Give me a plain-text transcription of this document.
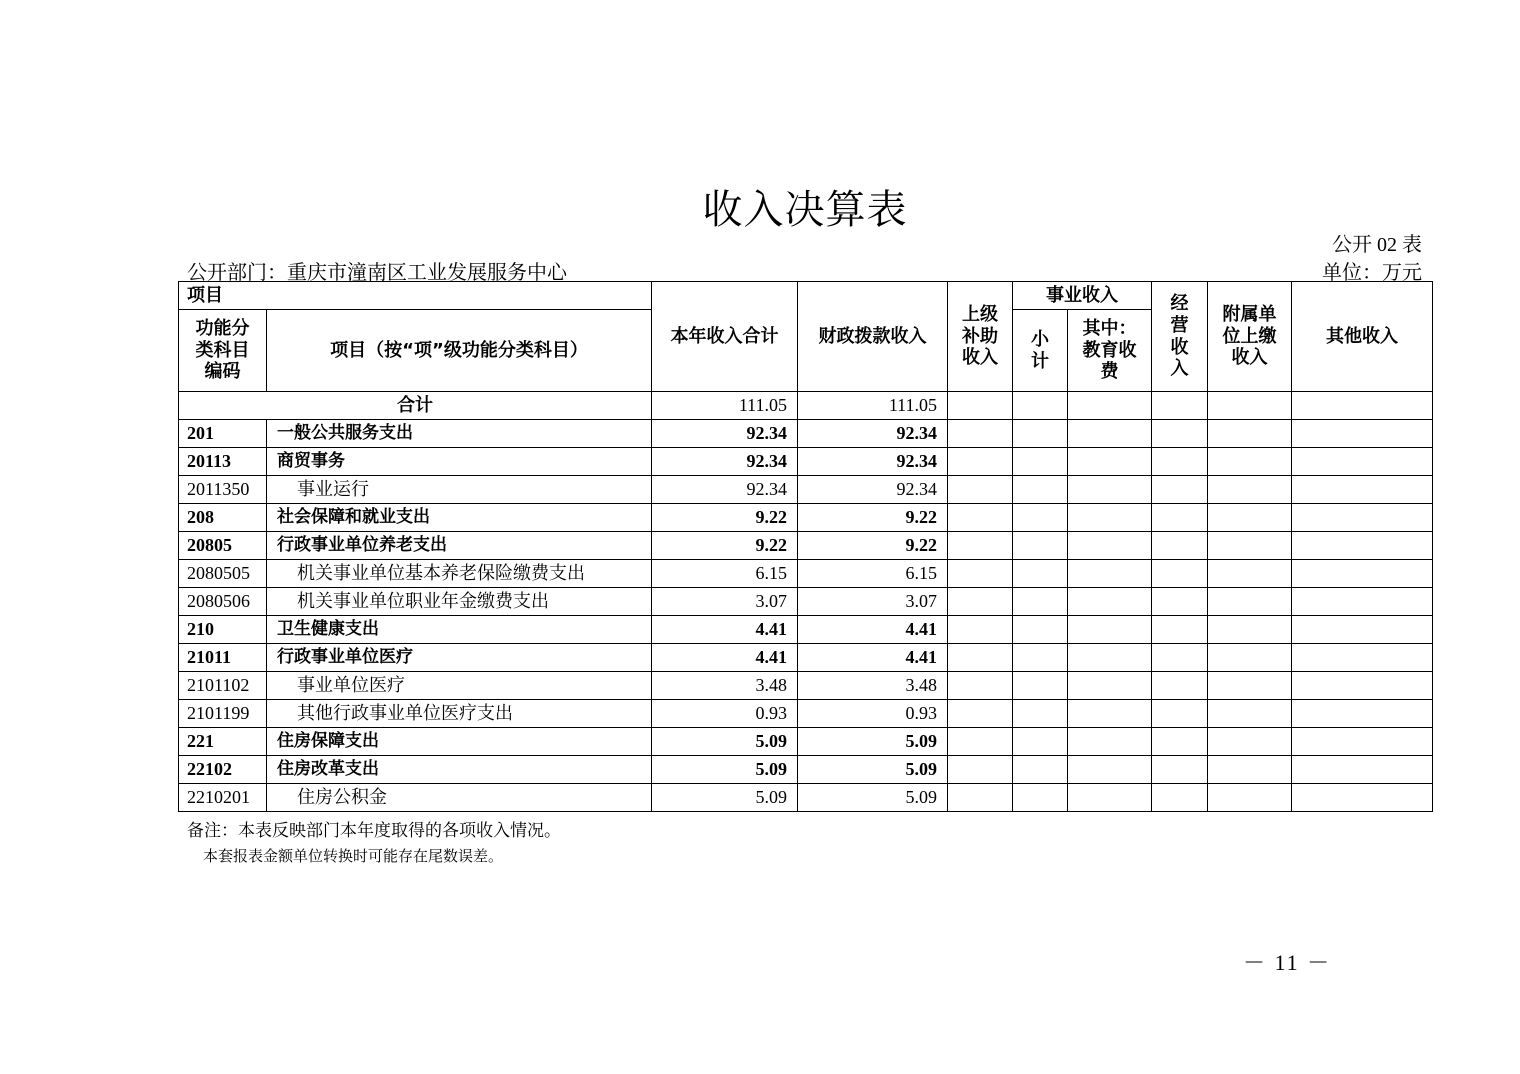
收入决算表
公开 02 表
公开部门：重庆市潼南区工业发展服务中心	单位：万元
项目		本年收入合计	财政拨款收入	上级补助收入	事业收入		经营收入	附属单位上缴收入	其他收入
功能分类科目编码	项目（按“项”级功能分类科目）				小计	其中：教育收费			
合计		111.05	111.05						
201	一般公共服务支出	92.34	92.34						
20113	商贸事务	92.34	92.34						
2011350	事业运行	92.34	92.34						
208	社会保障和就业支出	9.22	9.22						
20805	行政事业单位养老支出	9.22	9.22						
2080505	机关事业单位基本养老保险缴费支出	6.15	6.15						
2080506	机关事业单位职业年金缴费支出	3.07	3.07						
210	卫生健康支出	4.41	4.41						
21011	行政事业单位医疗	4.41	4.41						
2101102	事业单位医疗	3.48	3.48						
2101199	其他行政事业单位医疗支出	0.93	0.93						
221	住房保障支出	5.09	5.09						
22102	住房改革支出	5.09	5.09						
2210201	住房公积金	5.09	5.09						
备注：本表反映部门本年度取得的各项收入情况。
本套报表金额单位转换时可能存在尾数误差。
－ 11 －
